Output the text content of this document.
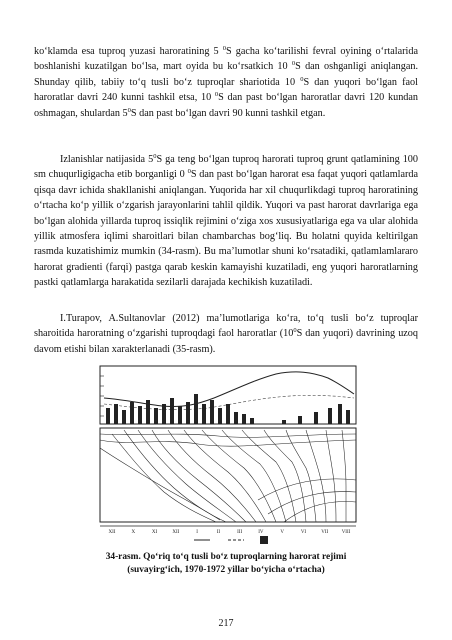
ko‘klamda esa tuproq yuzasi haroratining 5 $^0$S gacha ko‘tarilishi fevral oyining o‘rtalarida boshlanishi kuzatilgan bo‘lsa, mart oyida bu ko‘rsatkich 10 $^0$S dan oshganligi aniqlangan. Shunday qilib, tabiiy to‘q tusli bo‘z tuproqlar shariotida 10 $^0$S dan yuqori bo‘lgan faol haroratlar davri 240 kunni tashkil etsa, 10 $^0$S dan past bo‘lgan haroratlar davri 120 kundan oshmagan, shulardan $5^0S$ dan past bo‘lgan davri 90 kunni tashkil etgan.

Izlanishlar natijasida $5^0S$ ga teng bo‘lgan tuproq harorati tuproq grunt qatlamining 100 sm chuqurligigacha etib borganligi 0 $^0$S dan past bo‘lgan harorat esa faqat yuqori qatlamlarda qisqa davr ichida shakllanishi aniqlangan. Yuqorida har xil chuqurlikdagi tuproq haroratining o‘rtacha ko‘p yillik o‘zgarish jarayonlarini tahlil qildik. Yuqori va past harorat davrlariga ega bo‘lgan alohida yillarda tuproq issiqlik rejimini o‘ziga xos xususiyatlariga ega va ular alohida yillik atmosfera iqlimi sharoitlari bilan chambarchas bog‘liq. Bu holatni quyida keltirilgan rasmda kuzatishimiz mumkin (34-rasm). Bu ma’lumotlar shuni ko‘rsatadiki, qatlamlamlararo harorat gradienti (farqi) pastga qarab keskin kamayishi kuzatiladi, eng yuqori haroratlarning pastki qatlamlarga harakatida sezilarli darajada kechikish kuzatiladi.

I.Turapov, A.Sultanovlar (2012) ma’lumotlariga ko‘ra, to‘q tusli bo‘z tuproqlar sharoitida haroratning o‘zgarishi tuproqdagi faol haroratlar ($10^0S$ dan yuqori) davrining uzoq davom etishi bilan xarakterlanadi (35-rasm).

XII	X	XI	XII	I	II	III	IV	V	VI	VII	VIII

34-rasm. Qo‘riq to‘q tusli bo‘z tuproqlarning harorat rejimi

(suvayirg‘ich, 1970-1972 yillar bo‘yicha o‘rtacha)

217
